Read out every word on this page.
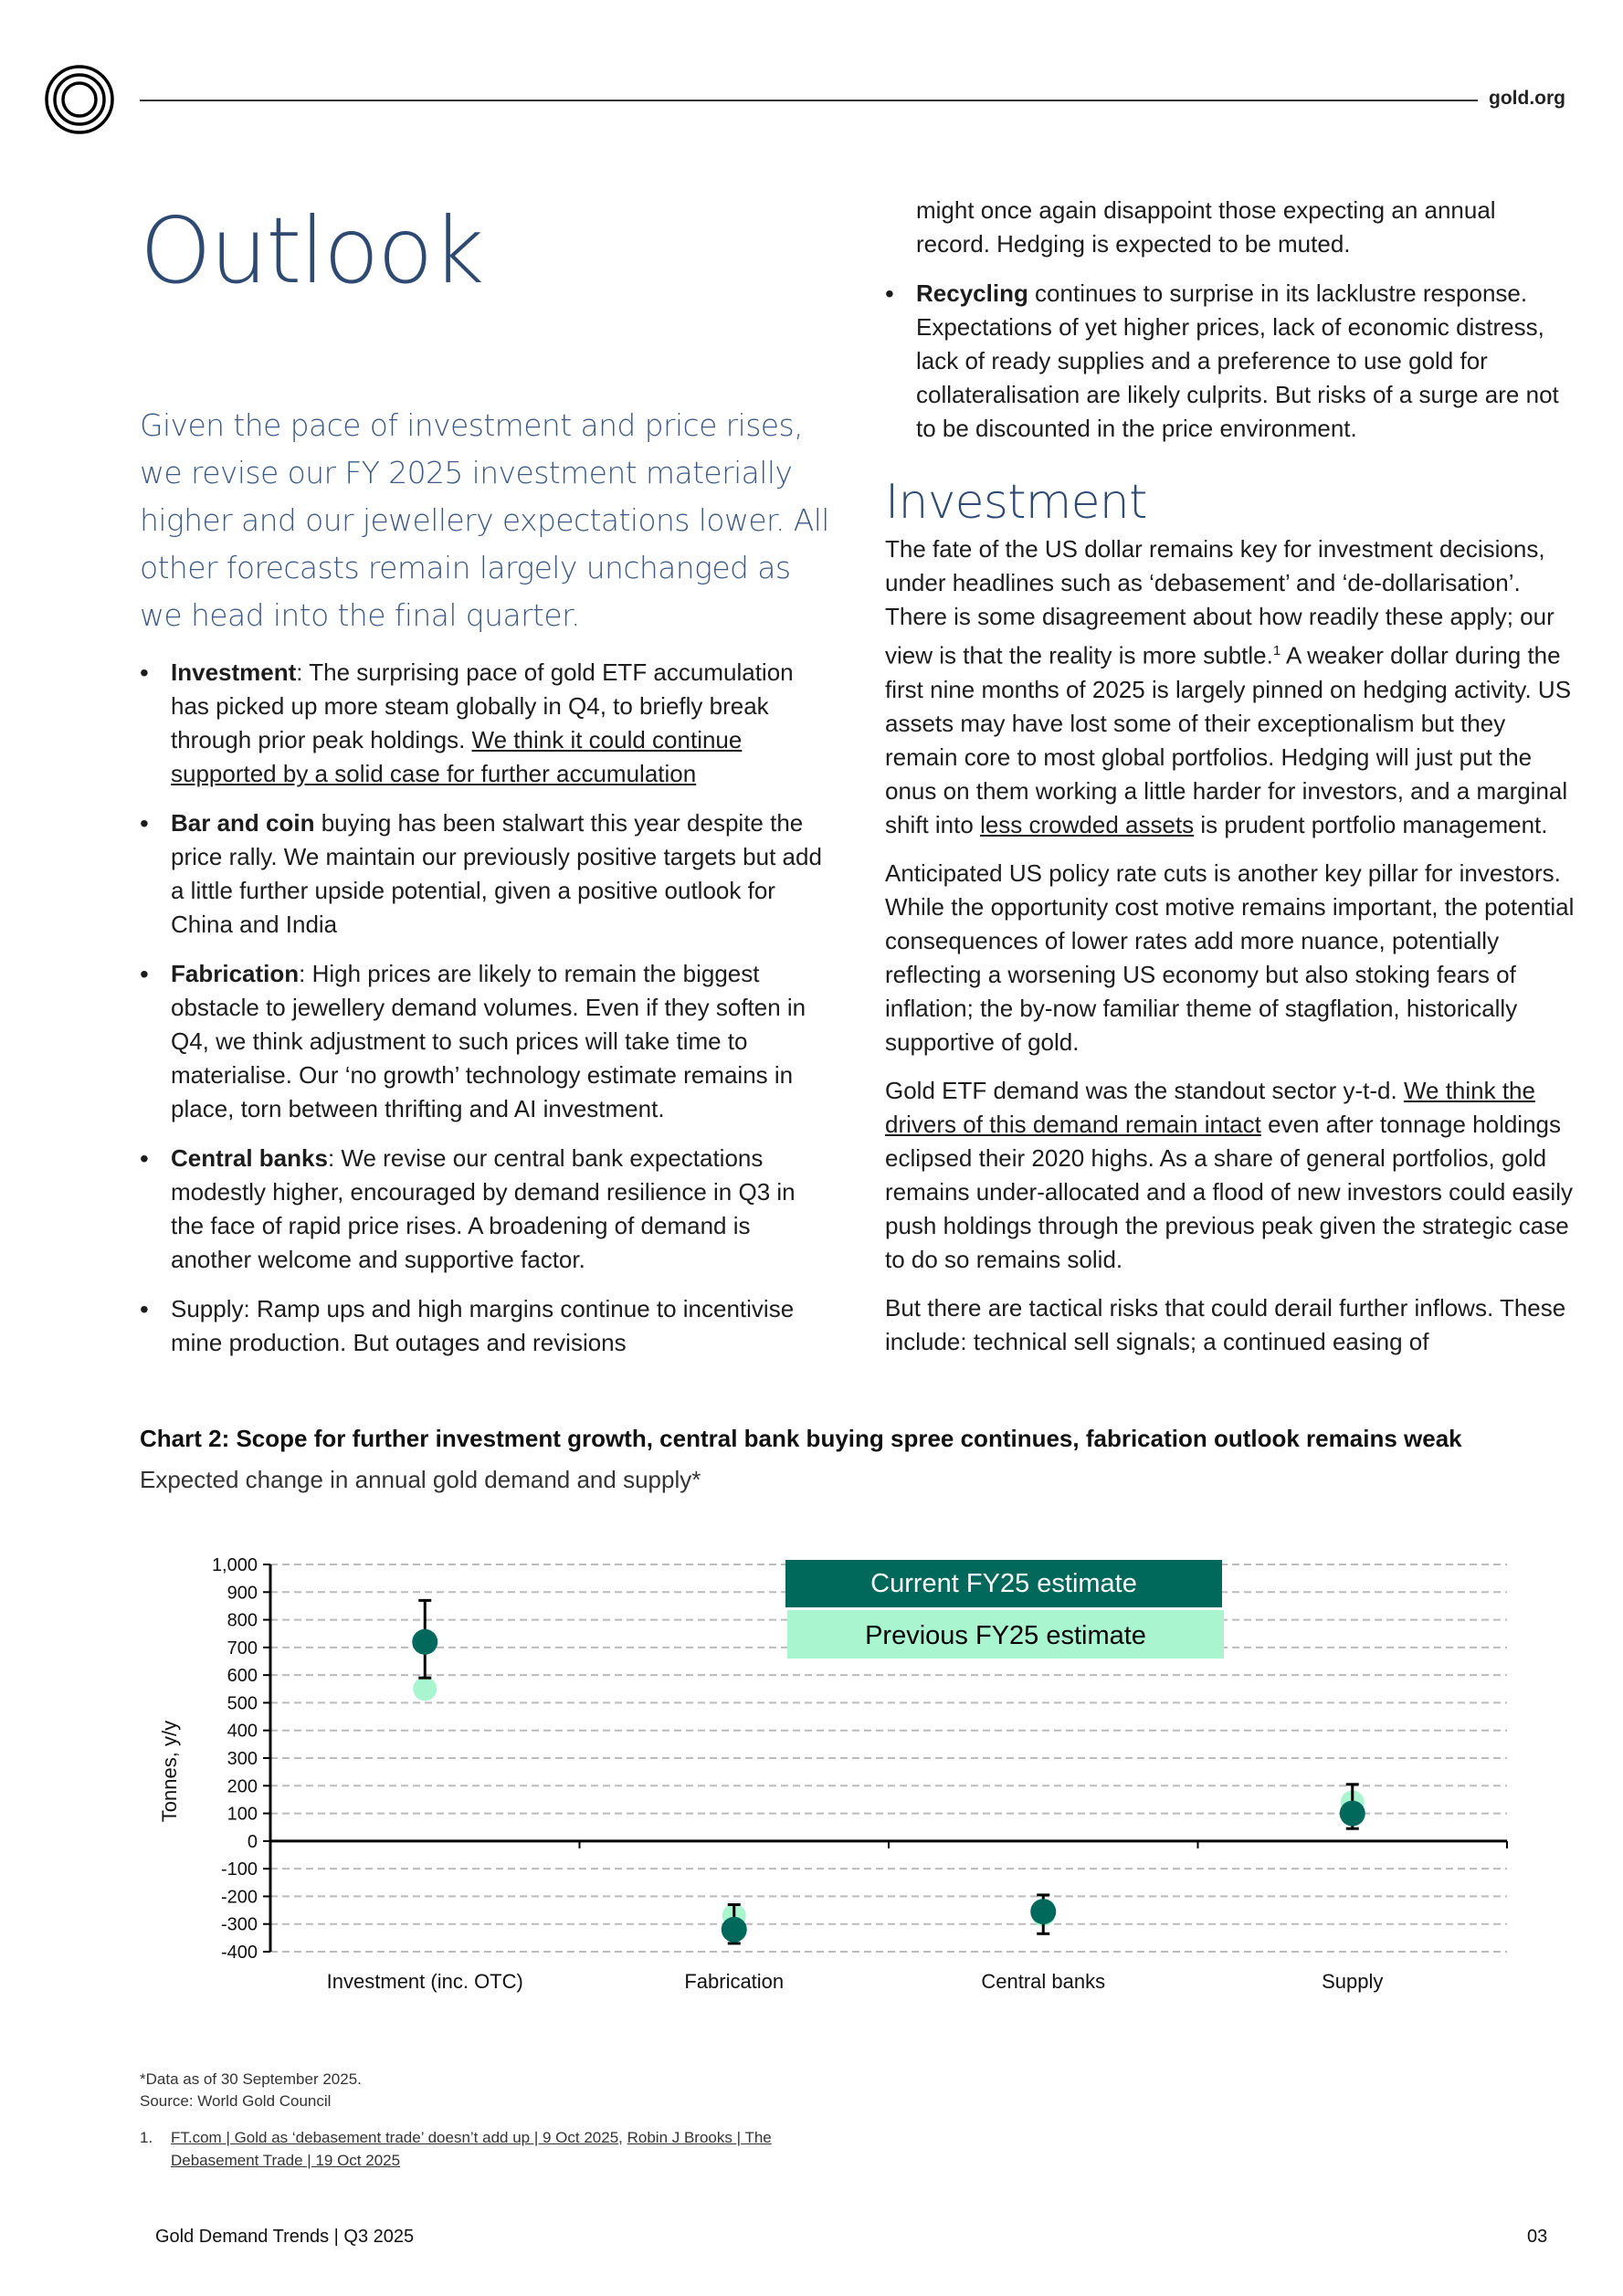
gold.org
Outlook
Given the pace of investment and price rises, we revise our FY 2025 investment materially higher and our jewellery expectations lower. All other forecasts remain largely unchanged as we head into the final quarter.
• Investment: The surprising pace of gold ETF accumulation has picked up more steam globally in Q4, to briefly break through prior peak holdings. We think it could continue supported by a solid case for further accumulation
• Bar and coin buying has been stalwart this year despite the price rally. We maintain our previously positive targets but add a little further upside potential, given a positive outlook for China and India
• Fabrication: High prices are likely to remain the biggest obstacle to jewellery demand volumes. Even if they soften in Q4, we think adjustment to such prices will take time to materialise. Our ‘no growth’ technology estimate remains in place, torn between thrifting and AI investment.
• Central banks: We revise our central bank expectations modestly higher, encouraged by demand resilience in Q3 in the face of rapid price rises. A broadening of demand is another welcome and supportive factor.
• Supply: Ramp ups and high margins continue to incentivise mine production. But outages and revisions
might once again disappoint those expecting an annual record. Hedging is expected to be muted.
• Recycling continues to surprise in its lacklustre response. Expectations of yet higher prices, lack of economic distress, lack of ready supplies and a preference to use gold for collateralisation are likely culprits. But risks of a surge are not to be discounted in the price environment.
Investment

The fate of the US dollar remains key for investment decisions, under headlines such as ‘debasement’ and ‘de-dollarisation’. There is some disagreement about how readily these apply; our view is that the reality is more subtle.$^1$ A weaker dollar during the first nine months of 2025 is largely pinned on hedging activity. US assets may have lost some of their exceptionalism but they remain core to most global portfolios. Hedging will just put the onus on them working a little harder for investors, and a marginal shift into less crowded assets is prudent portfolio management.

Anticipated US policy rate cuts is another key pillar for investors. While the opportunity cost motive remains important, the potential consequences of lower rates add more nuance, potentially reflecting a worsening US economy but also stoking fears of inflation; the by-now familiar theme of stagflation, historically supportive of gold.

Gold ETF demand was the standout sector y-t-d. We think the drivers of this demand remain intact even after tonnage holdings eclipsed their 2020 highs. As a share of general portfolios, gold remains under-allocated and a flood of new investors could easily push holdings through the previous peak given the strategic case to do so remains solid.

But there are tactical risks that could derail further inflows. These include: technical sell signals; a continued easing of

Chart 2: Scope for further investment growth, central bank buying spree continues, fabrication outlook remains weak
Expected change in annual gold demand and supply*
1,000
900
800
700
600
500
400
300
200
100
0
-100
-200
-300
-400
Tonnes, y/y
Investment (inc. OTC)	Fabrication	Central banks	Supply
Current FY25 estimate
Previous FY25 estimate
*Data as of 30 September 2025.
Source: World Gold Council
1. FT.com | Gold as ‘debasement trade’ doesn’t add up | 9 Oct 2025, Robin J Brooks | The Debasement Trade | 19 Oct 2025
Gold Demand Trends | Q3 2025	03
